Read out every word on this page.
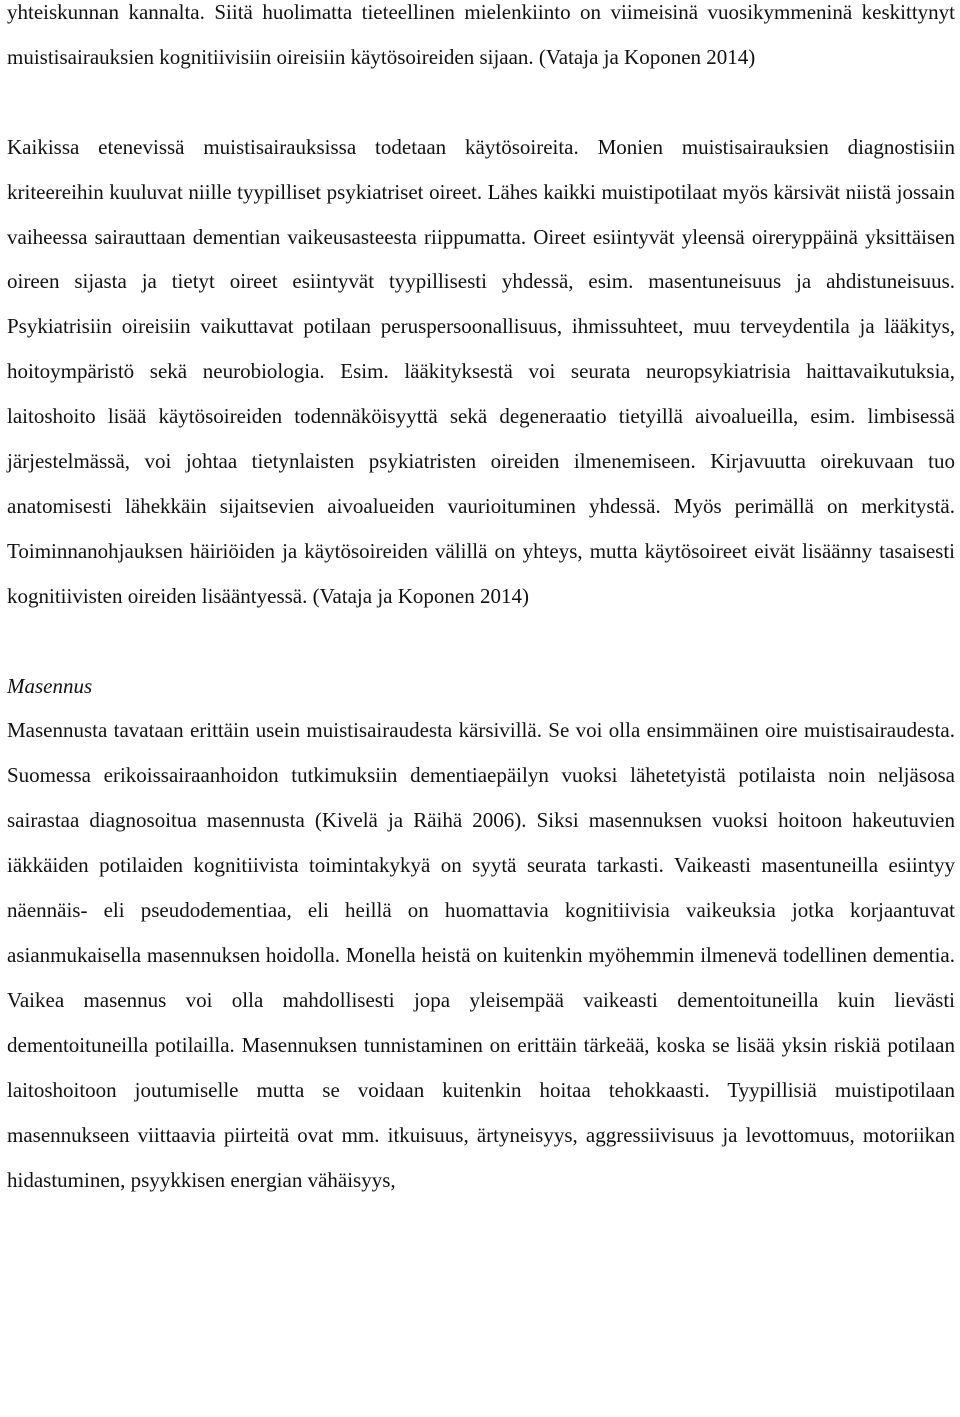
yhteiskunnan kannalta. Siitä huolimatta tieteellinen mielenkiinto on viimeisinä vuosikymmeninä keskittynyt muistisairauksien kognitiivisiin oireisiin käytösoireiden sijaan. (Vataja ja Koponen 2014)

Kaikissa etenevissä muistisairauksissa todetaan käytösoireita. Monien muistisairauksien diagnostisiin kriteereihin kuuluvat niille tyypilliset psykiatriset oireet. Lähes kaikki muistipotilaat myös kärsivät niistä jossain vaiheessa sairauttaan dementian vaikeusasteesta riippumatta. Oireet esiintyvät yleensä oireryppäinä yksittäisen oireen sijasta ja tietyt oireet esiintyvät tyypillisesti yhdessä, esim. masentuneisuus ja ahdistuneisuus. Psykiatrisiin oireisiin vaikuttavat potilaan peruspersoonallisuus, ihmissuhteet, muu terveydentila ja lääkitys, hoitoympäristö sekä neurobiologia. Esim. lääkityksestä voi seurata neuropsykiatrisia haittavaikutuksia, laitoshoito lisää käytösoireiden todennäköisyyttä sekä degeneraatio tietyillä aivoalueilla, esim. limbisessä järjestelmässä, voi johtaa tietynlaisten psykiatristen oireiden ilmenemiseen. Kirjavuutta oirekuvaan tuo anatomisesti lähekkäin sijaitsevien aivoalueiden vaurioituminen yhdessä. Myös perimällä on merkitystä. Toiminnanohjauksen häiriöiden ja käytösoireiden välillä on yhteys, mutta käytösoireet eivät lisäänny tasaisesti kognitiivisten oireiden lisääntyessä. (Vataja ja Koponen 2014)

Masennus

Masennusta tavataan erittäin usein muistisairaudesta kärsivillä. Se voi olla ensimmäinen oire muistisairaudesta. Suomessa erikoissairaanhoidon tutkimuksiin dementiaepäilyn vuoksi lähetetyistä potilaista noin neljäsosa sairastaa diagnosoitua masennusta (Kivelä ja Räihä 2006). Siksi masennuksen vuoksi hoitoon hakeutuvien iäkkäiden potilaiden kognitiivista toimintakykyä on syytä seurata tarkasti. Vaikeasti masentuneilla esiintyy näennäis- eli pseudodementiaa, eli heillä on huomattavia kognitiivisia vaikeuksia jotka korjaantuvat asianmukaisella masennuksen hoidolla. Monella heistä on kuitenkin myöhemmin ilmenevä todellinen dementia. Vaikea masennus voi olla mahdollisesti jopa yleisempää vaikeasti dementoituneilla kuin lievästi dementoituneilla potilailla. Masennuksen tunnistaminen on erittäin tärkeää, koska se lisää yksin riskiä potilaan laitoshoitoon joutumiselle mutta se voidaan kuitenkin hoitaa tehokkaasti. Tyypillisiä muistipotilaan masennukseen viittaavia piirteitä ovat mm. itkuisuus, ärtyneisyys, aggressiivisuus ja levottomuus, motoriikan hidastuminen, psyykkisen energian vähäisyys,
